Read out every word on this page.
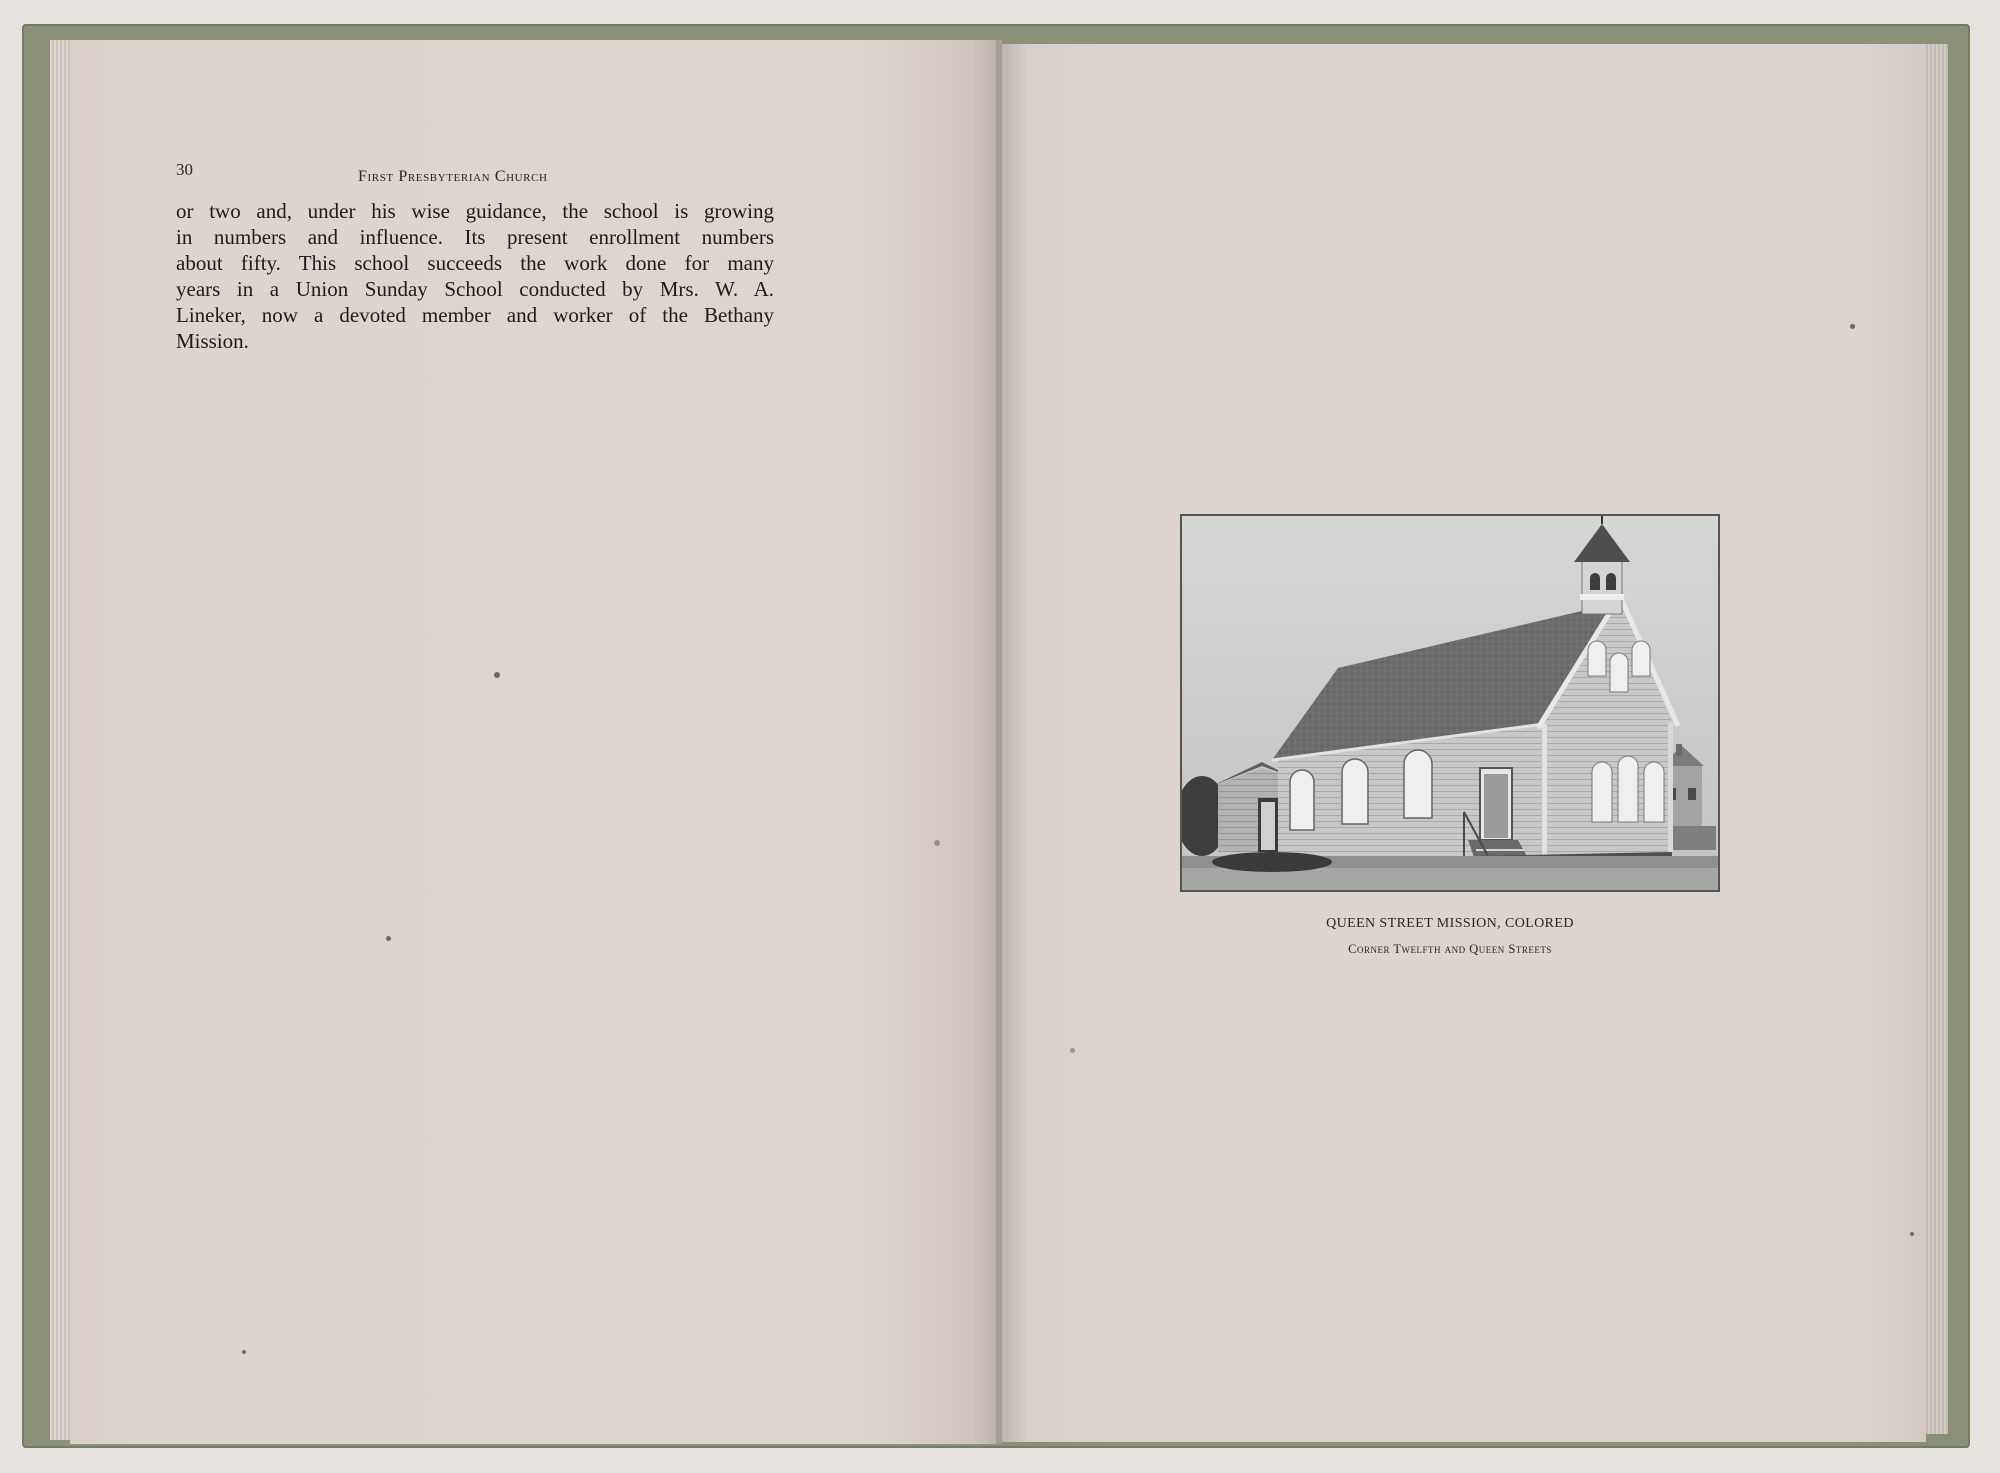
30	First Presbyterian Church
or two and, under his wise guidance, the school is growing
in numbers and influence. Its present enrollment numbers
about fifty. This school succeeds the work done for many
years in a Union Sunday School conducted by Mrs. W. A.
Lineker, now a devoted member and worker of the Bethany
Mission.
QUEEN STREET MISSION, COLORED
Corner Twelfth and Queen Streets
